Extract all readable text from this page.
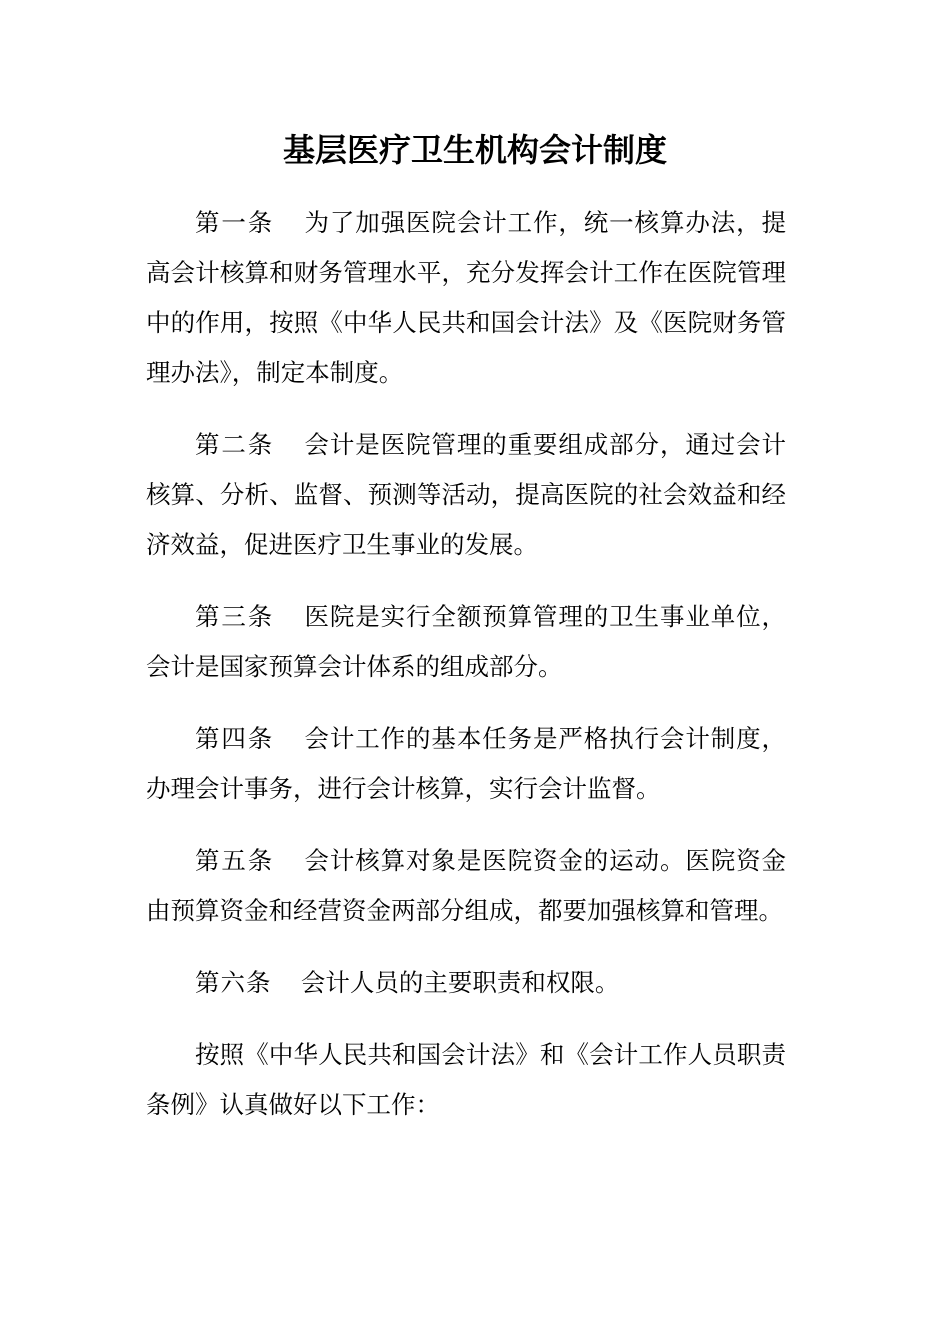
基层医疗卫生机构会计制度

第一条 为了加强医院会计工作，统一核算办法，提高会计核算和财务管理水平，充分发挥会计工作在医院管理中的作用，按照《中华人民共和国会计法》及《医院财务管理办法》，制定本制度。

第二条 会计是医院管理的重要组成部分，通过会计核算、分析、监督、预测等活动，提高医院的社会效益和经济效益，促进医疗卫生事业的发展。

第三条 医院是实行全额预算管理的卫生事业单位，会计是国家预算会计体系的组成部分。

第四条 会计工作的基本任务是严格执行会计制度，办理会计事务，进行会计核算，实行会计监督。

第五条 会计核算对象是医院资金的运动。医院资金由预算资金和经营资金两部分组成，都要加强核算和管理。

第六条 会计人员的主要职责和权限。

按照《中华人民共和国会计法》和《会计工作人员职责条例》认真做好以下工作：
